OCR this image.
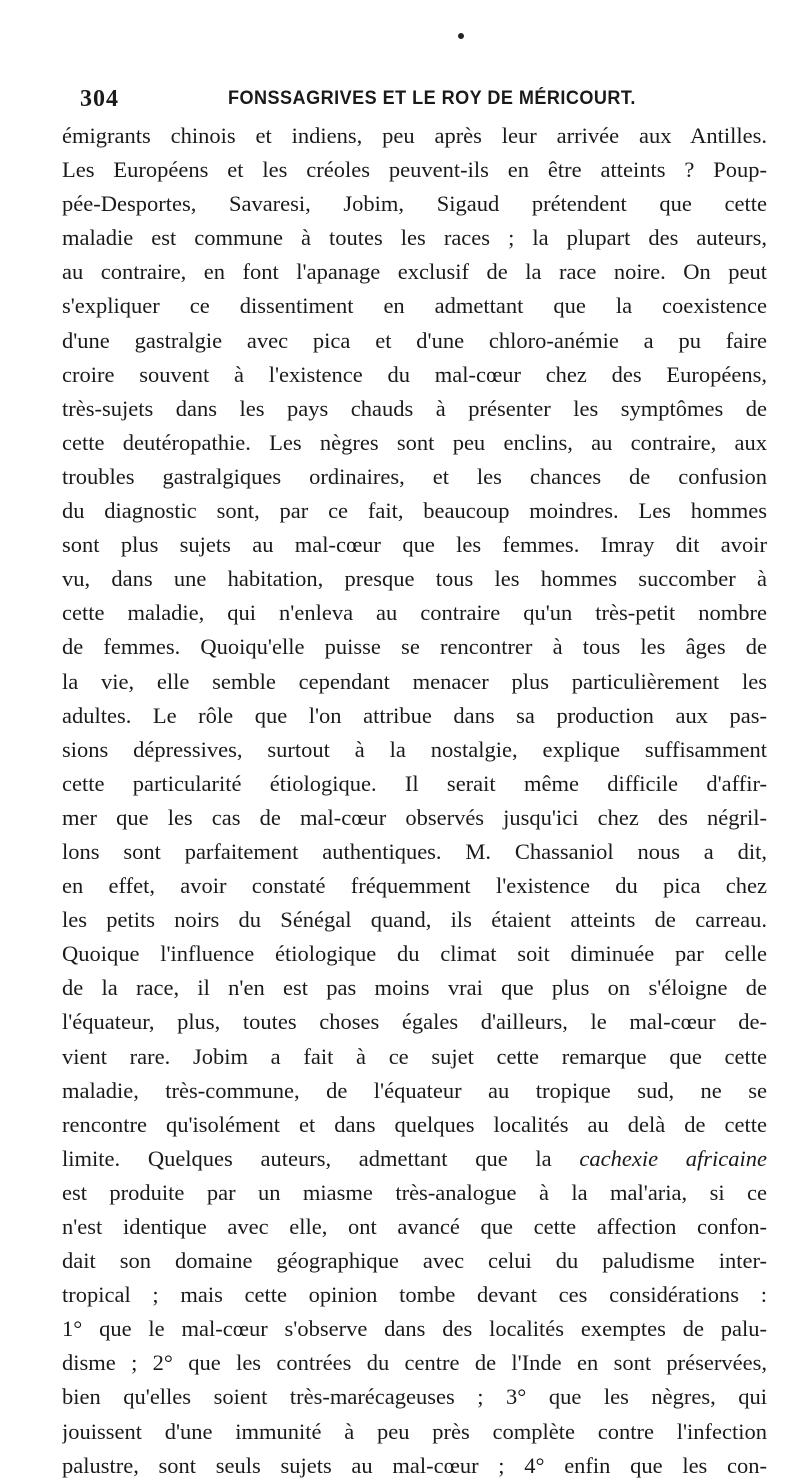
304	FONSSAGRIVES ET LE ROY DE MÉRICOURT.
émigrants chinois et indiens, peu après leur arrivée aux Antilles.
Les Européens et les créoles peuvent-ils en être atteints ? Poup-
pée-Desportes, Savaresi, Jobim, Sigaud prétendent que cette
maladie est commune à toutes les races ; la plupart des auteurs,
au contraire, en font l'apanage exclusif de la race noire. On peut
s'expliquer ce dissentiment en admettant que la coexistence
d'une gastralgie avec pica et d'une chloro-anémie a pu faire
croire souvent à l'existence du mal-cœur chez des Européens,
très-sujets dans les pays chauds à présenter les symptômes de
cette deutéropathie. Les nègres sont peu enclins, au contraire, aux
troubles gastralgiques ordinaires, et les chances de confusion
du diagnostic sont, par ce fait, beaucoup moindres. Les hommes
sont plus sujets au mal-cœur que les femmes. Imray dit avoir
vu, dans une habitation, presque tous les hommes succomber à
cette maladie, qui n'enleva au contraire qu'un très-petit nombre
de femmes. Quoiqu'elle puisse se rencontrer à tous les âges de
la vie, elle semble cependant menacer plus particulièrement les
adultes. Le rôle que l'on attribue dans sa production aux pas-
sions dépressives, surtout à la nostalgie, explique suffisamment
cette particularité étiologique. Il serait même difficile d'affir-
mer que les cas de mal-cœur observés jusqu'ici chez des négril-
lons sont parfaitement authentiques. M. Chassaniol nous a dit,
en effet, avoir constaté fréquemment l'existence du pica chez
les petits noirs du Sénégal quand, ils étaient atteints de carreau.
Quoique l'influence étiologique du climat soit diminuée par celle
de la race, il n'en est pas moins vrai que plus on s'éloigne de
l'équateur, plus, toutes choses égales d'ailleurs, le mal-cœur de-
vient rare. Jobim a fait à ce sujet cette remarque que cette
maladie, très-commune, de l'équateur au tropique sud, ne se
rencontre qu'isolément et dans quelques localités au delà de cette
limite. Quelques auteurs, admettant que la cachexie africaine
est produite par un miasme très-analogue à la mal'aria, si ce
n'est identique avec elle, ont avancé que cette affection confon-
dait son domaine géographique avec celui du paludisme inter-
tropical ; mais cette opinion tombe devant ces considérations :
1° que le mal-cœur s'observe dans des localités exemptes de palu-
disme ; 2° que les contrées du centre de l'Inde en sont préservées,
bien qu'elles soient très-marécageuses ; 3° que les nègres, qui
jouissent d'une immunité à peu près complète contre l'infection
palustre, sont seuls sujets au mal-cœur ; 4° enfin que les con-
